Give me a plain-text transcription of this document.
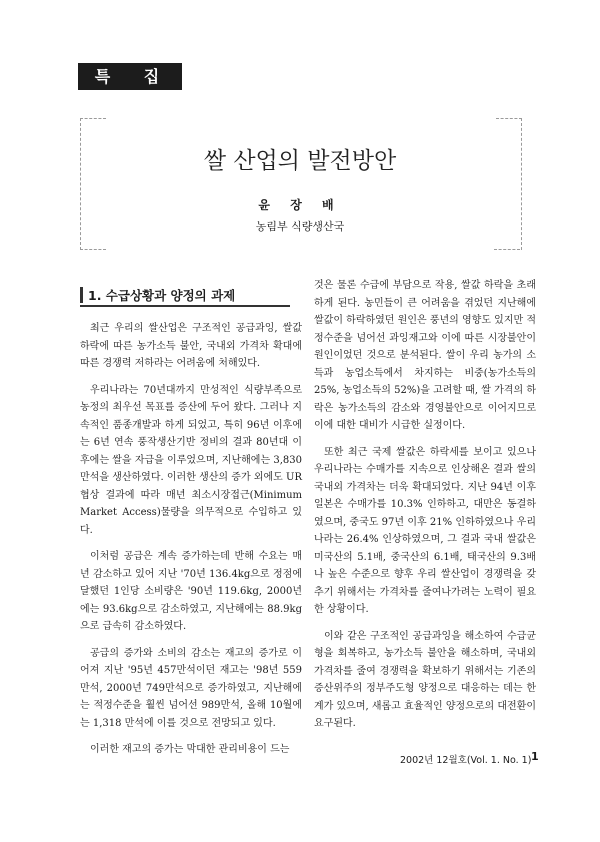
특 집
쌀 산업의 발전방안
윤 장 배
농림부 식량생산국
1. 수급상황과 양정의 과제

최근 우리의 쌀산업은 구조적인 공급과잉, 쌀값 하락에 따른 농가소득 불안, 국내외 가격차 확대에 따른 경쟁력 저하라는 어려움에 처해있다.

우리나라는 70년대까지 만성적인 식량부족으로 농정의 최우선 목표를 증산에 두어 왔다. 그러나 지속적인 품종개발과 하게 되었고, 특히 96년 이후에는 6년 연속 풍작생산기반 정비의 결과 80년대 이후에는 쌀을 자급을 이루었으며, 지난해에는 3,830 만석을 생산하였다. 이러한 생산의 증가 외에도 UR 협상 결과에 따라 매년 최소시장접근(Minimum Market Access)물량을 의무적으로 수입하고 있다.

이처럼 공급은 계속 증가하는데 반해 수요는 매년 감소하고 있어 지난 '70년 136.4kg으로 정점에 달했던 1인당 소비량은 '90년 119.6kg, 2000년에는 93.6kg으로 감소하였고, 지난해에는 88.9kg으로 급속히 감소하였다.

공급의 증가와 소비의 감소는 재고의 증가로 이어져 지난 '95년 457만석이던 재고는 '98년 559만석, 2000년 749만석으로 증가하였고, 지난해에는 적정수준을 훨씬 넘어선 989만석, 올해 10월에는 1,318 만석에 이를 것으로 전망되고 있다.

이러한 재고의 증가는 막대한 관리비용이 드는

것은 물론 수급에 부담으로 작용, 쌀값 하락을 초래하게 된다. 농민들이 큰 어려움을 겪었던 지난해에 쌀값이 하락하였던 원인은 풍년의 영향도 있지만 적정수준을 넘어선 과잉재고와 이에 따른 시장불안이 원인이었던 것으로 분석된다. 쌀이 우리 농가의 소득과 농업소득에서 차지하는 비중(농가소득의 25%, 농업소득의 52%)을 고려할 때, 쌀 가격의 하락은 농가소득의 감소와 경영불안으로 이어지므로 이에 대한 대비가 시급한 실정이다.

또한 최근 국제 쌀값은 하락세를 보이고 있으나 우리나라는 수매가를 지속으로 인상해온 결과 쌀의 국내외 가격차는 더욱 확대되었다. 지난 94년 이후 일본은 수매가를 10.3% 인하하고, 대만은 동결하였으며, 중국도 97년 이후 21% 인하하였으나 우리나라는 26.4% 인상하였으며, 그 결과 국내 쌀값은 미국산의 5.1배, 중국산의 6.1배, 태국산의 9.3배나 높은 수준으로 향후 우리 쌀산업이 경쟁력을 갖추기 위해서는 가격차를 줄여나가려는 노력이 필요한 상황이다.

이와 같은 구조적인 공급과잉을 해소하여 수급균형을 회복하고, 농가소득 불안을 해소하며, 국내외 가격차를 줄여 경쟁력을 확보하기 위해서는 기존의 증산위주의 정부주도형 양정으로 대응하는 데는 한계가 있으며, 새롭고 효율적인 양정으로의 대전환이 요구된다.

2002년 12월호(Vol. 1. No. 1) 1
